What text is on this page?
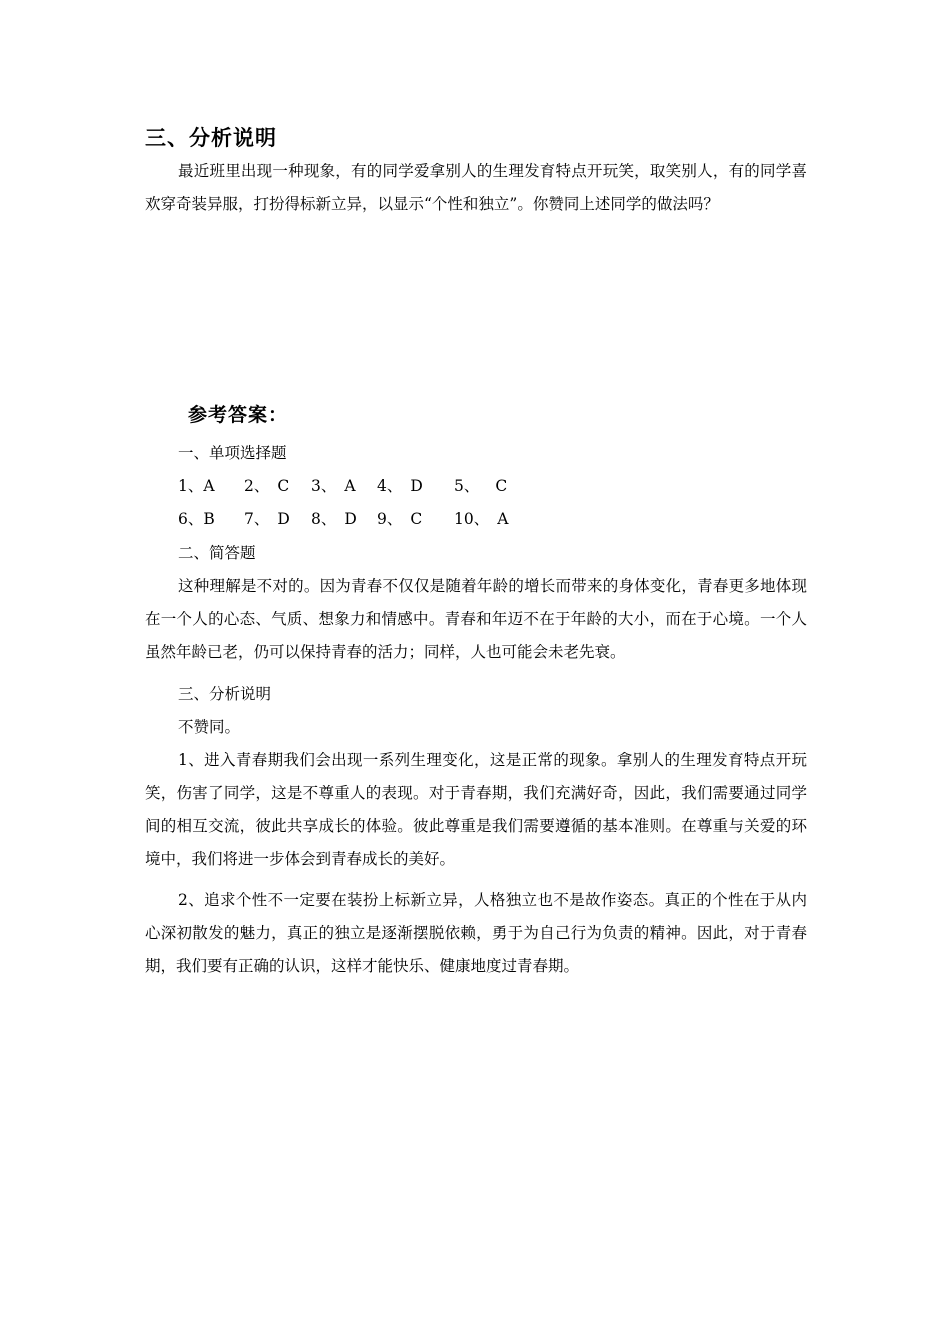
三、分析说明

最近班里出现一种现象，有的同学爱拿别人的生理发育特点开玩笑，取笑别人，有的同学喜欢穿奇装异服，打扮得标新立异，以显示“个性和独立”。你赞同上述同学的做法吗？

参考答案：

一、单项选择题

1、A 2、 C 3、 A 4、 D 5、 C
6、B 7、 D 8、 D 9、 C 10、 A

二、简答题

这种理解是不对的。因为青春不仅仅是随着年龄的增长而带来的身体变化，青春更多地体现在一个人的心态、气质、想象力和情感中。青春和年迈不在于年龄的大小，而在于心境。一个人虽然年龄已老，仍可以保持青春的活力；同样，人也可能会未老先衰。

三、分析说明

不赞同。

1、进入青春期我们会出现一系列生理变化，这是正常的现象。拿别人的生理发育特点开玩笑，伤害了同学，这是不尊重人的表现。对于青春期，我们充满好奇，因此，我们需要通过同学间的相互交流，彼此共享成长的体验。彼此尊重是我们需要遵循的基本准则。在尊重与关爱的环境中，我们将进一步体会到青春成长的美好。

2、追求个性不一定要在装扮上标新立异，人格独立也不是故作姿态。真正的个性在于从内心深初散发的魅力，真正的独立是逐渐摆脱依赖，勇于为自己行为负责的精神。因此，对于青春期，我们要有正确的认识，这样才能快乐、健康地度过青春期。
